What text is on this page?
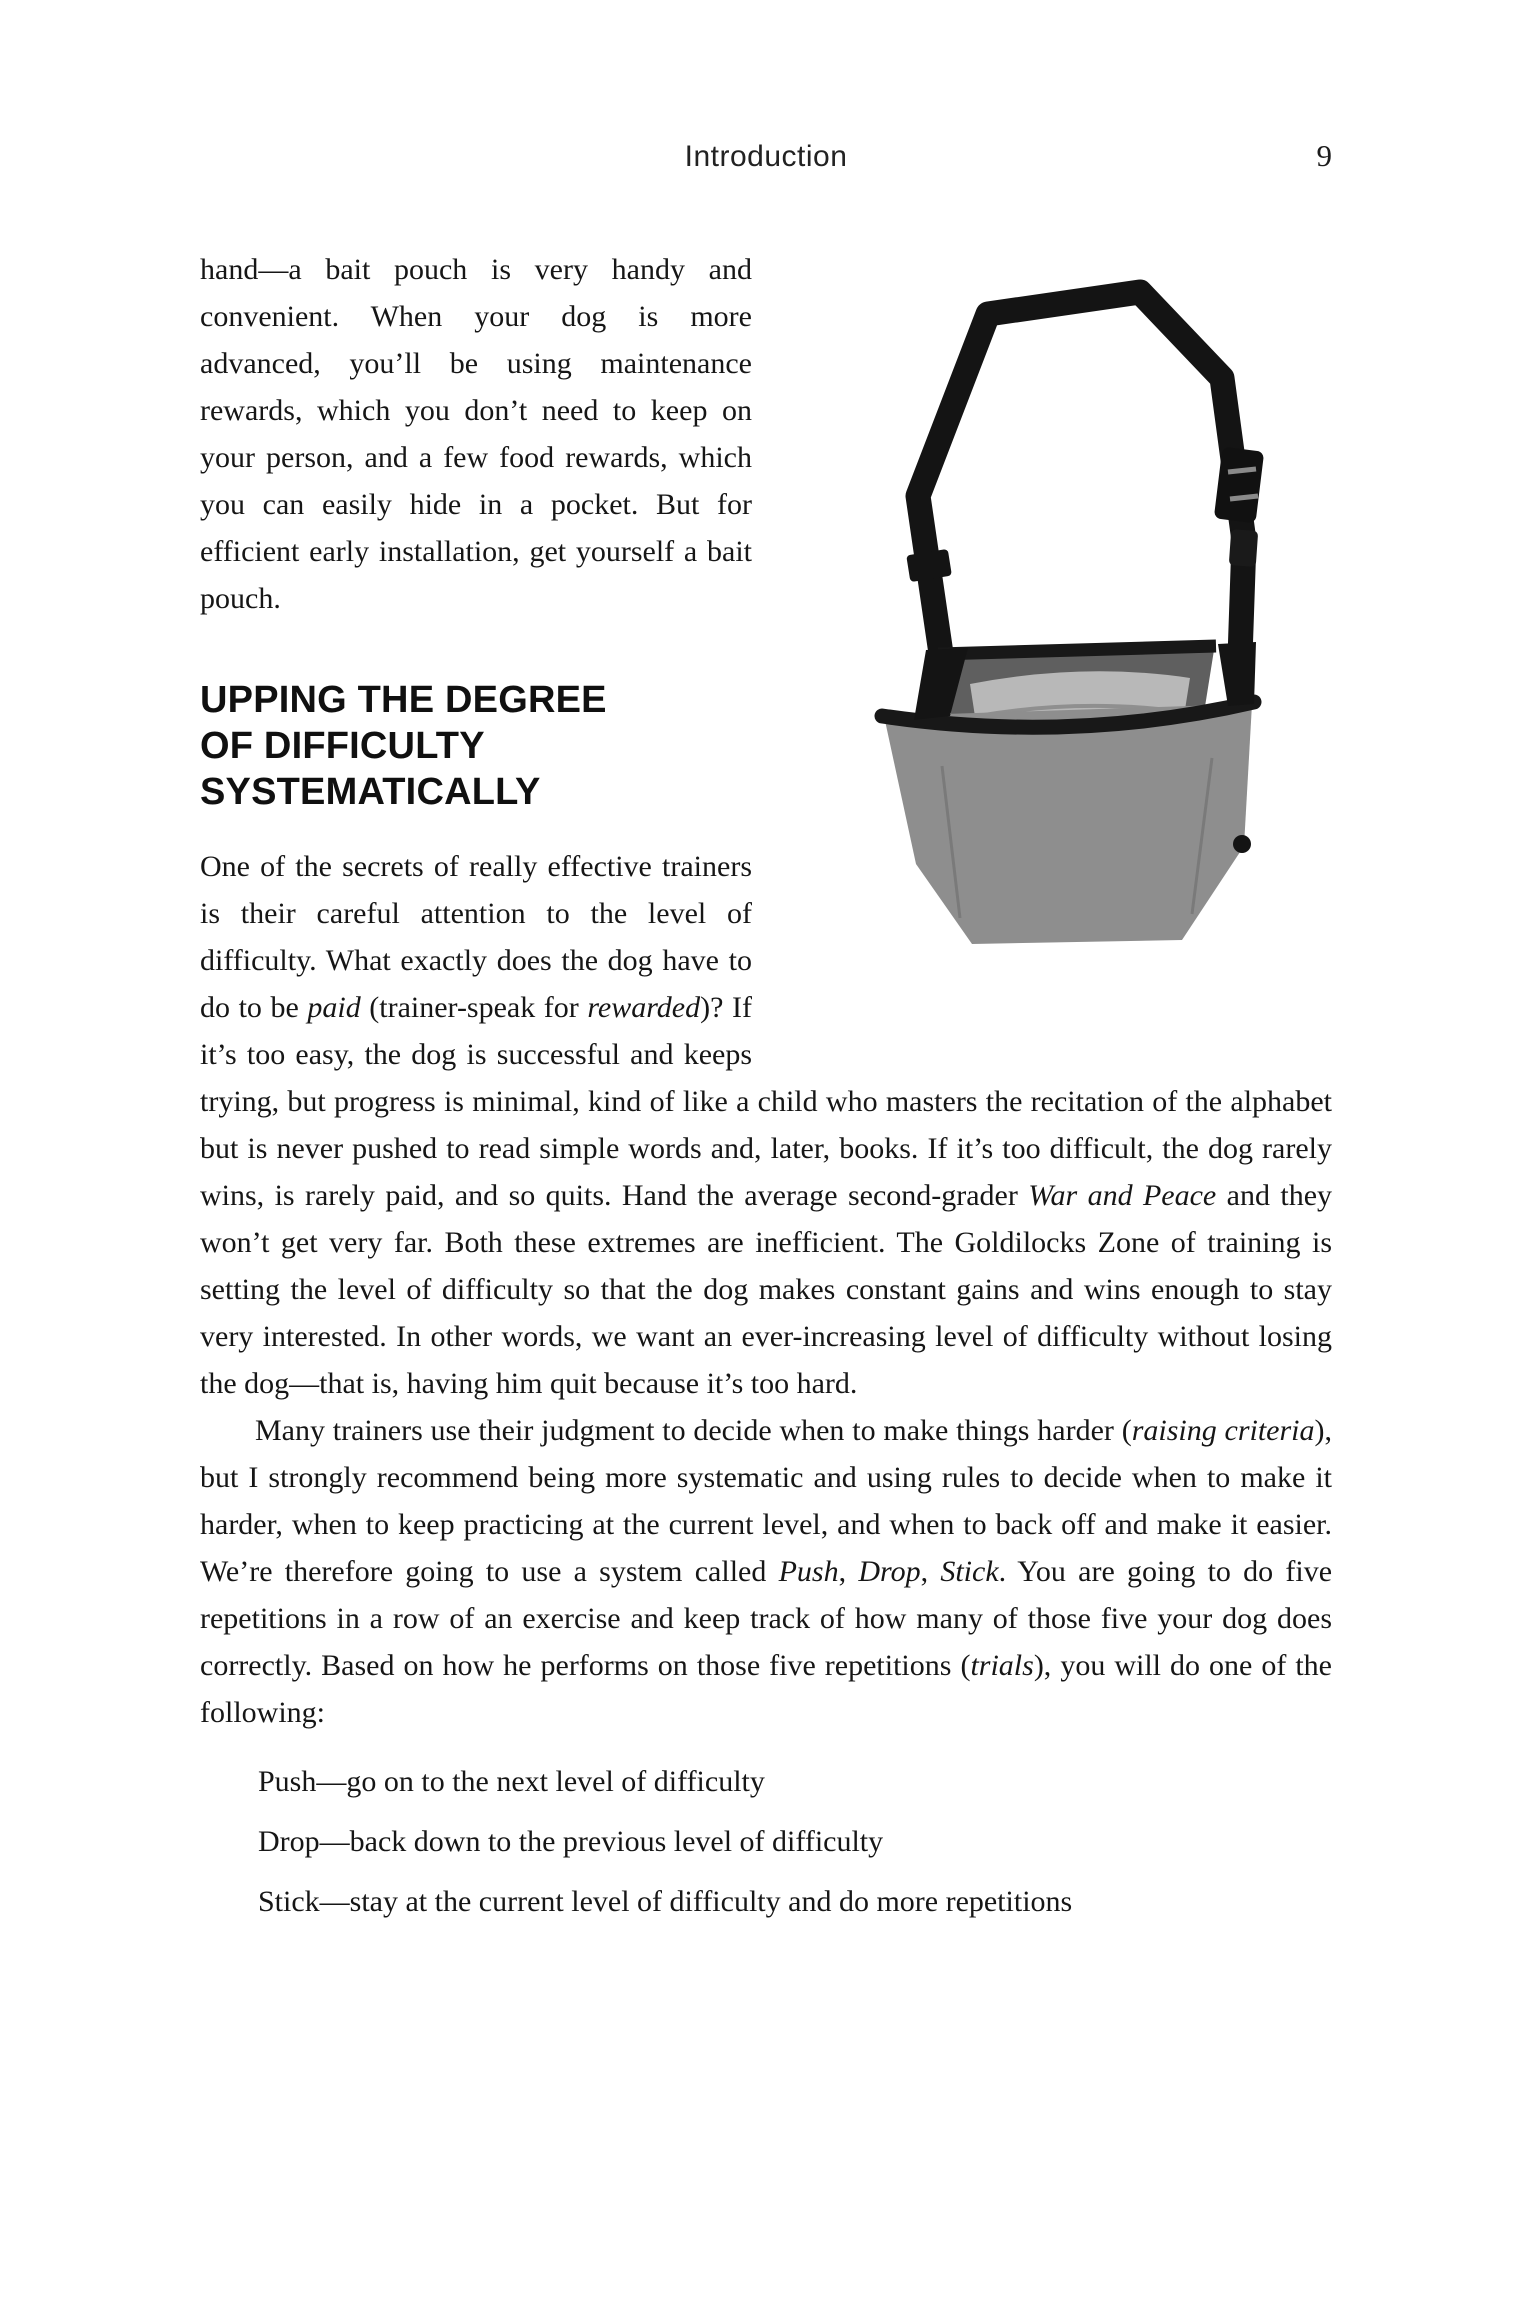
Introduction	9

hand—a bait pouch is very handy and convenient. When your dog is more advanced, you’ll be using maintenance rewards, which you don’t need to keep on your person, and a few food rewards, which you can easily hide in a pocket. But for efficient early installation, get yourself a bait pouch.

UPPING THE DEGREE
OF DIFFICULTY
SYSTEMATICALLY

One of the secrets of really effective trainers is their careful attention to the level of difficulty. What exactly does the dog have to do to be paid (trainer-speak for rewarded)? If it’s too easy, the dog is successful and keeps trying, but progress is minimal, kind of like a child who masters the recitation of the alphabet but is never pushed to read simple words and, later, books. If it’s too difficult, the dog rarely wins, is rarely paid, and so quits. Hand the average second-grader War and Peace and they won’t get very far. Both these extremes are inefficient. The Goldilocks Zone of training is setting the level of difficulty so that the dog makes constant gains and wins enough to stay very interested. In other words, we want an ever-increasing level of difficulty without losing the dog—that is, having him quit because it’s too hard.

Many trainers use their judgment to decide when to make things harder (raising criteria), but I strongly recommend being more systematic and using rules to decide when to make it harder, when to keep practicing at the current level, and when to back off and make it easier. We’re therefore going to use a system called Push, Drop, Stick. You are going to do five repetitions in a row of an exercise and keep track of how many of those five your dog does correctly. Based on how he performs on those five repetitions (trials), you will do one of the following:

Push—go on to the next level of difficulty

Drop—back down to the previous level of difficulty

Stick—stay at the current level of difficulty and do more repetitions
